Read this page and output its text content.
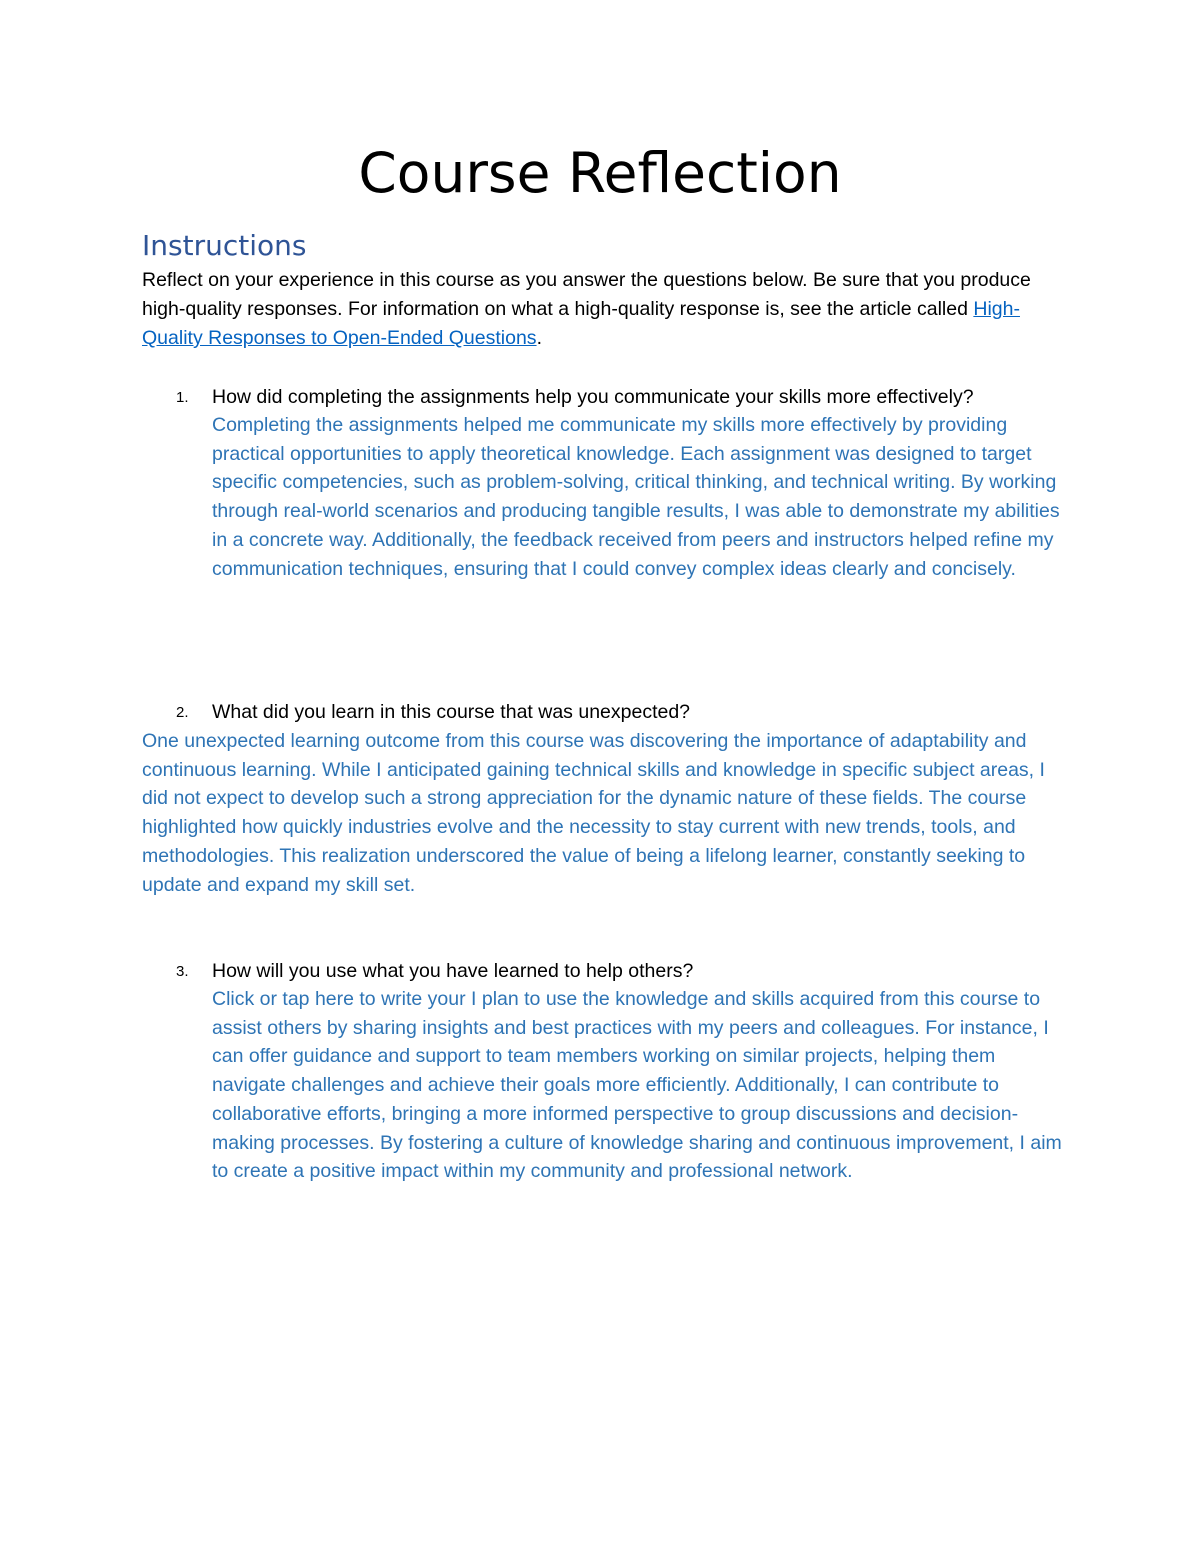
Course Reflection
Instructions

Reflect on your experience in this course as you answer the questions below. Be sure that you produce high-quality responses. For information on what a high-quality response is, see the article called High-Quality Responses to Open-Ended Questions.

1. How did completing the assignments help you communicate your skills more effectively?

Completing the assignments helped me communicate my skills more effectively by providing practical opportunities to apply theoretical knowledge. Each assignment was designed to target specific competencies, such as problem-solving, critical thinking, and technical writing. By working through real-world scenarios and producing tangible results, I was able to demonstrate my abilities in a concrete way. Additionally, the feedback received from peers and instructors helped refine my communication techniques, ensuring that I could convey complex ideas clearly and concisely.

2. What did you learn in this course that was unexpected?

One unexpected learning outcome from this course was discovering the importance of adaptability and continuous learning. While I anticipated gaining technical skills and knowledge in specific subject areas, I did not expect to develop such a strong appreciation for the dynamic nature of these fields. The course highlighted how quickly industries evolve and the necessity to stay current with new trends, tools, and methodologies. This realization underscored the value of being a lifelong learner, constantly seeking to update and expand my skill set.

3. How will you use what you have learned to help others?

Click or tap here to write your I plan to use the knowledge and skills acquired from this course to assist others by sharing insights and best practices with my peers and colleagues. For instance, I can offer guidance and support to team members working on similar projects, helping them navigate challenges and achieve their goals more efficiently. Additionally, I can contribute to collaborative efforts, bringing a more informed perspective to group discussions and decision-making processes. By fostering a culture of knowledge sharing and continuous improvement, I aim to create a positive impact within my community and professional network.
